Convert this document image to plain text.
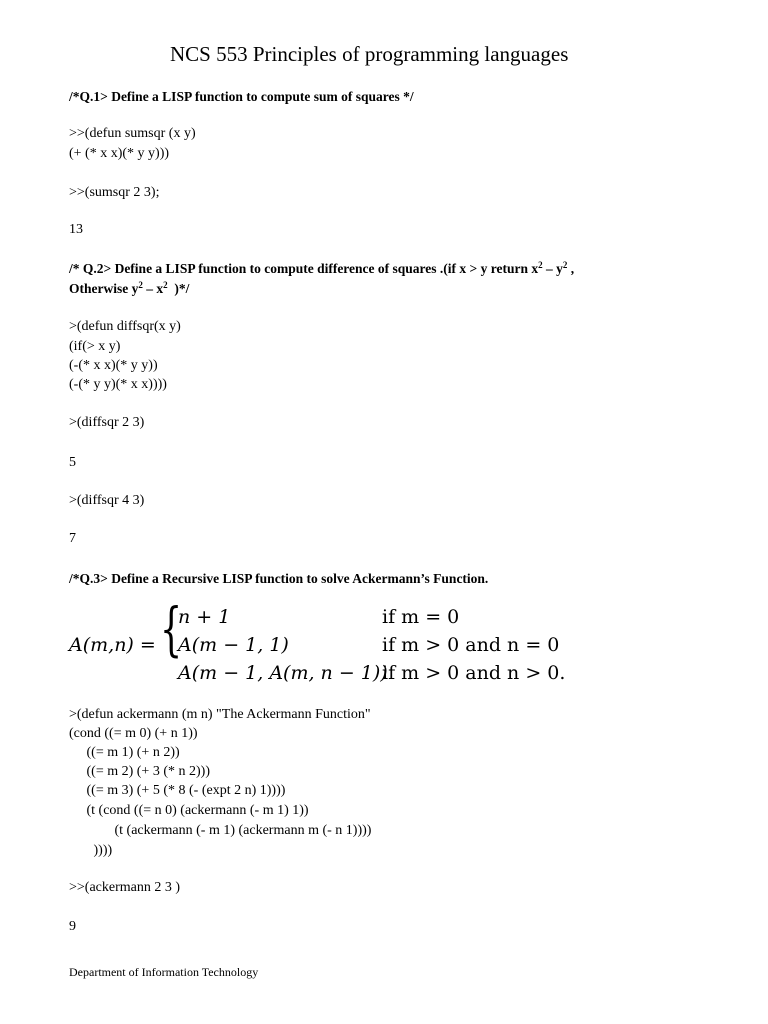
NCS 553 Principles of programming languages
/*Q.1> Define a LISP function to compute sum of squares */
>>(defun sumsqr (x y)
(+ (* x x)(* y y)))
>>(sumsqr 2 3);
13
/* Q.2> Define a LISP function to compute difference of squares .(if x > y return $x^2 - y^2$ ,
Otherwise $y^2 - x^2$  )*/
>(defun diffsqr(x y)
(if(> x y)
(-(* x x)(* y y))
(-(* y y)(* x x))))
>(diffsqr 2 3)
5
>(diffsqr 4 3)
7
/*Q.3> Define a Recursive LISP function to solve Ackermann’s Function.
A(m,n) = {
n + 1	if m = 0
A(m − 1, 1)	if m > 0 and n = 0
A(m − 1, A(m, n − 1))
if m > 0 and n > 0.
>(defun ackermann (m n) "The Ackermann Function"
(cond ((= m 0) (+ n 1))
((= m 1) (+ n 2))
((= m 2) (+ 3 (* n 2)))
((= m 3) (+ 5 (* 8 (- (expt 2 n) 1))))
(t (cond ((= n 0) (ackermann (- m 1) 1))
(t (ackermann (- m 1) (ackermann m (- n 1))))
))))
>>(ackermann 2 3 )
9
Department of Information Technology
